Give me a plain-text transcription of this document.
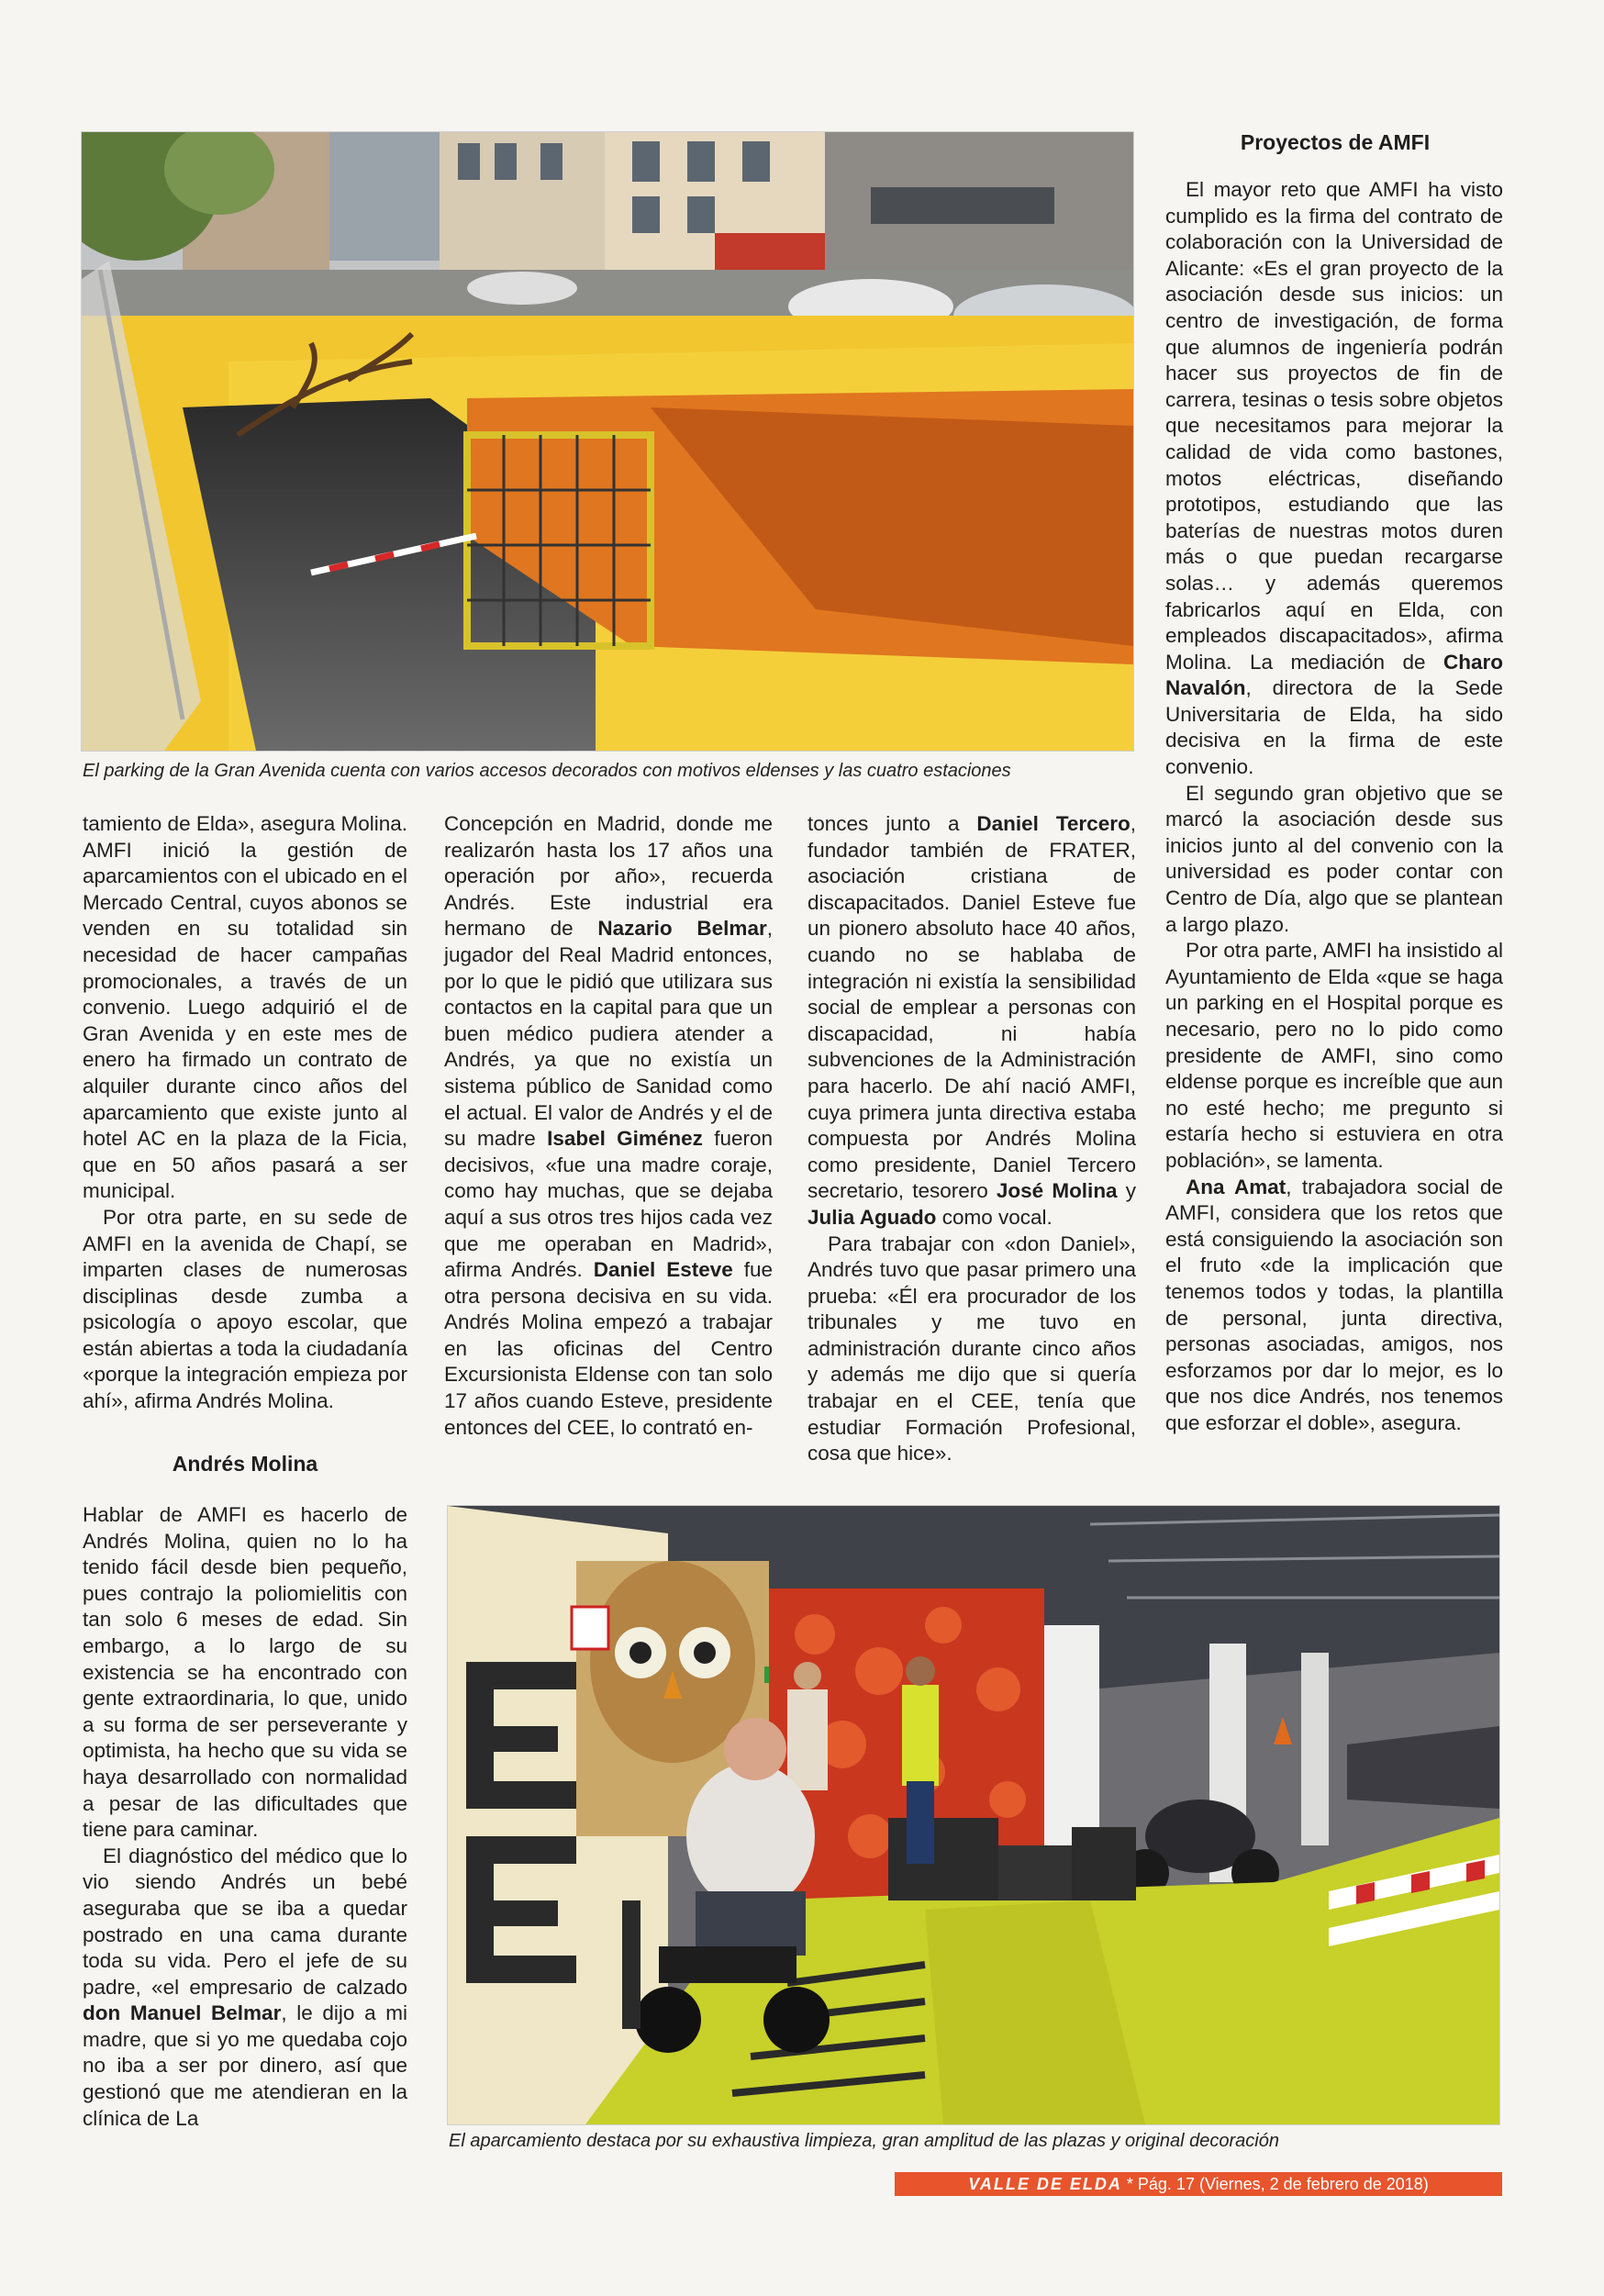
El parking de la Gran Avenida cuenta con varios accesos decorados con motivos eldenses y las cuatro estaciones
Proyectos de AMFI

El mayor reto que AMFI ha visto cumplido es la firma del contrato de colaboración con la Universidad de Alicante: «Es el gran proyecto de la asociación desde sus inicios: un centro de investigación, de forma que alumnos de ingeniería podrán hacer sus proyectos de fin de carrera, tesinas o tesis sobre objetos que necesitamos para mejorar la calidad de vida como bastones, motos eléctricas, diseñando prototipos, estudiando que las baterías de nuestras motos duren más o que puedan recargarse solas… y además queremos fabricarlos aquí en Elda, con empleados discapacitados», afirma Molina. La mediación de Charo Navalón, directora de la Sede Universitaria de Elda, ha sido decisiva en la firma de este convenio.

El segundo gran objetivo que se marcó la asociación desde sus inicios junto al del convenio con la universidad es poder contar con Centro de Día, algo que se plantean a largo plazo.

Por otra parte, AMFI ha insistido al Ayuntamiento de Elda «que se haga un parking en el Hospital porque es necesario, pero no lo pido como presidente de AMFI, sino como eldense porque es increíble que aun no esté hecho; me pregunto si estaría hecho si estuviera en otra población», se lamenta.

Ana Amat, trabajadora social de AMFI, considera que los retos que está consiguiendo la asociación son el fruto «de la implicación que tenemos todos y todas, la plantilla de personal, junta directiva, personas asociadas, amigos, nos esforzamos por dar lo mejor, es lo que nos dice Andrés, nos tenemos que esforzar el doble», asegura.

tamiento de Elda», asegura Molina. AMFI inició la gestión de aparcamientos con el ubicado en el Mercado Central, cuyos abonos se venden en su totalidad sin necesidad de hacer campañas promocionales, a través de un convenio. Luego adquirió el de Gran Avenida y en este mes de enero ha firmado un contrato de alquiler durante cinco años del aparcamiento que existe junto al hotel AC en la plaza de la Ficia, que en 50 años pasará a ser municipal.

Por otra parte, en su sede de AMFI en la avenida de Chapí, se imparten clases de numerosas disciplinas desde zumba a psicología o apoyo escolar, que están abiertas a toda la ciudadanía «porque la integración empieza por ahí», afirma Andrés Molina.

Andrés Molina

Hablar de AMFI es hacerlo de Andrés Molina, quien no lo ha tenido fácil desde bien pequeño, pues contrajo la poliomielitis con tan solo 6 meses de edad. Sin embargo, a lo largo de su existencia se ha encontrado con gente extraordinaria, lo que, unido a su forma de ser perseverante y optimista, ha hecho que su vida se haya desarrollado con normalidad a pesar de las dificultades que tiene para caminar.

El diagnóstico del médico que lo vio siendo Andrés un bebé aseguraba que se iba a quedar postrado en una cama durante toda su vida. Pero el jefe de su padre, «el empresario de calzado don Manuel Belmar, le dijo a mi madre, que si yo me quedaba cojo no iba a ser por dinero, así que gestionó que me atendieran en la clínica de La

Concepción en Madrid, donde me realizarón hasta los 17 años una operación por año», recuerda Andrés. Este industrial era hermano de Nazario Belmar, jugador del Real Madrid entonces, por lo que le pidió que utilizara sus contactos en la capital para que un buen médico pudiera atender a Andrés, ya que no existía un sistema público de Sanidad como el actual. El valor de Andrés y el de su madre Isabel Giménez fueron decisivos, «fue una madre coraje, como hay muchas, que se dejaba aquí a sus otros tres hijos cada vez que me operaban en Madrid», afirma Andrés. Daniel Esteve fue otra persona decisiva en su vida. Andrés Molina empezó a trabajar en las oficinas del Centro Excursionista Eldense con tan solo 17 años cuando Esteve, presidente entonces del CEE, lo contrató en-

tonces junto a Daniel Tercero, fundador también de FRATER, asociación cristiana de discapacitados. Daniel Esteve fue un pionero absoluto hace 40 años, cuando no se hablaba de integración ni existía la sensibilidad social de emplear a personas con discapacidad, ni había subvenciones de la Administración para hacerlo. De ahí nació AMFI, cuya primera junta directiva estaba compuesta por Andrés Molina como presidente, Daniel Tercero secretario, tesorero José Molina y Julia Aguado como vocal.

Para trabajar con «don Daniel», Andrés tuvo que pasar primero una prueba: «Él era procurador de los tribunales y me tuvo en administración durante cinco años y además me dijo que si quería trabajar en el CEE, tenía que estudiar Formación Profesional, cosa que hice».

El aparcamiento destaca por su exhaustiva limpieza, gran amplitud de las plazas y original decoración
VALLE DE ELDA * Pág. 17 (Viernes, 2 de febrero de 2018)
